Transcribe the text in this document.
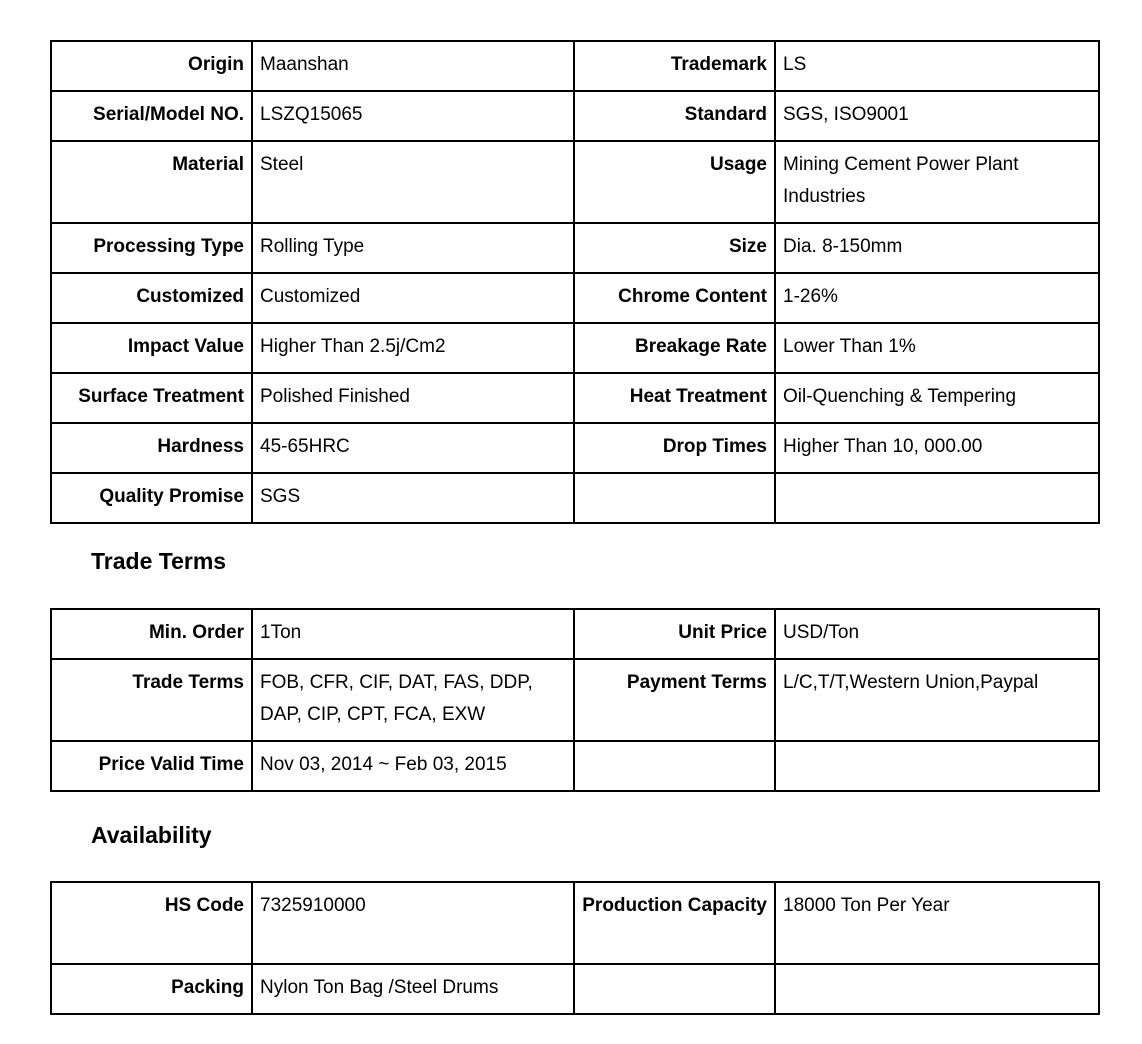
Origin	Maanshan	Trademark	LS
Serial/Model NO.	LSZQ15065	Standard	SGS, ISO9001
Material	Steel	Usage	Mining Cement Power Plant Industries
Processing Type	Rolling Type	Size	Dia. 8-150mm
Customized	Customized	Chrome Content	1-26%
Impact Value	Higher Than 2.5j/Cm2	Breakage Rate	Lower Than 1%
Surface Treatment	Polished Finished	Heat Treatment	Oil-Quenching & Tempering
Hardness	45-65HRC	Drop Times	Higher Than 10, 000.00
Quality Promise	SGS		
Trade Terms
Min. Order	1Ton	Unit Price	USD/Ton
Trade Terms	FOB, CFR, CIF, DAT, FAS, DDP, DAP, CIP, CPT, FCA, EXW	Payment Terms	L/C,T/T,Western Union,Paypal
Price Valid Time	Nov 03, 2014 ~ Feb 03, 2015		
Availability
HS Code	7325910000	Production Capacity	18000 Ton Per Year
Packing	Nylon Ton Bag /Steel Drums		
